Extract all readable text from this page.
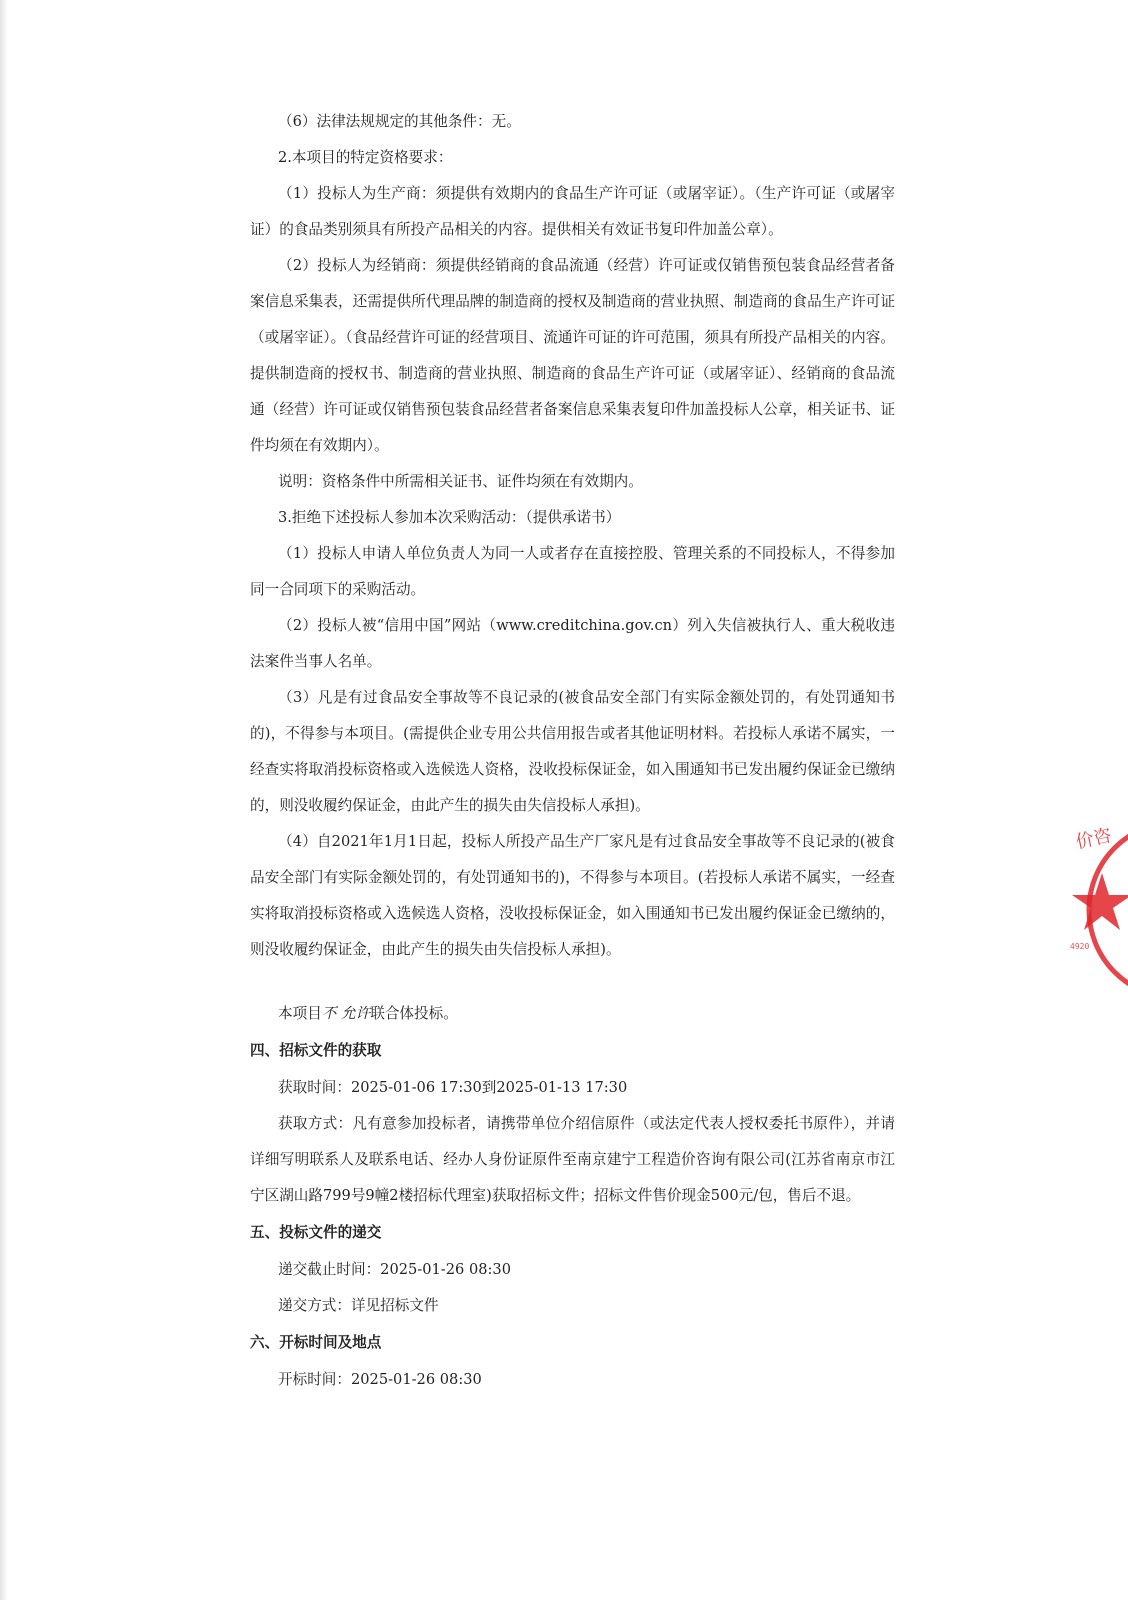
（6）法律法规规定的其他条件：无。

2.本项目的特定资格要求：

（1）投标人为生产商：须提供有效期内的食品生产许可证（或屠宰证）。（生产许可证（或屠宰证）的食品类别须具有所投产品相关的内容。提供相关有效证书复印件加盖公章）。

（2）投标人为经销商：须提供经销商的食品流通（经营）许可证或仅销售预包装食品经营者备案信息采集表，还需提供所代理品牌的制造商的授权及制造商的营业执照、制造商的食品生产许可证（或屠宰证）。（食品经营许可证的经营项目、流通许可证的许可范围，须具有所投产品相关的内容。提供制造商的授权书、制造商的营业执照、制造商的食品生产许可证（或屠宰证）、经销商的食品流通（经营）许可证或仅销售预包装食品经营者备案信息采集表复印件加盖投标人公章，相关证书、证件均须在有效期内）。

说明：资格条件中所需相关证书、证件均须在有效期内。

3.拒绝下述投标人参加本次采购活动：（提供承诺书）

（1）投标人申请人单位负责人为同一人或者存在直接控股、管理关系的不同投标人，不得参加同一合同项下的采购活动。

（2）投标人被“信用中国”网站（www.creditchina.gov.cn）列入失信被执行人、重大税收违法案件当事人名单。

（3）凡是有过食品安全事故等不良记录的(被食品安全部门有实际金额处罚的，有处罚通知书的)，不得参与本项目。(需提供企业专用公共信用报告或者其他证明材料。若投标人承诺不属实，一经查实将取消投标资格或入选候选人资格，没收投标保证金，如入围通知书已发出履约保证金已缴纳的，则没收履约保证金，由此产生的损失由失信投标人承担)。

（4）自2021年1月1日起，投标人所投产品生产厂家凡是有过食品安全事故等不良记录的(被食品安全部门有实际金额处罚的，有处罚通知书的)，不得参与本项目。(若投标人承诺不属实，一经查实将取消投标资格或入选候选人资格，没收投标保证金，如入围通知书已发出履约保证金已缴纳的，则没收履约保证金，由此产生的损失由失信投标人承担)。

本项目不 允许联合体投标。

四、招标文件的获取

获取时间：2025-01-06 17:30到2025-01-13 17:30

获取方式：凡有意参加投标者，请携带单位介绍信原件（或法定代表人授权委托书原件），并请详细写明联系人及联系电话、经办人身份证原件至南京建宁工程造价咨询有限公司(江苏省南京市江宁区湖山路799号9幢2楼招标代理室)获取招标文件；招标文件售价现金500元/包，售后不退。

五、投标文件的递交

递交截止时间：2025-01-26 08:30

递交方式：详见招标文件

六、开标时间及地点

开标时间：2025-01-26 08:30

价咨
4920
